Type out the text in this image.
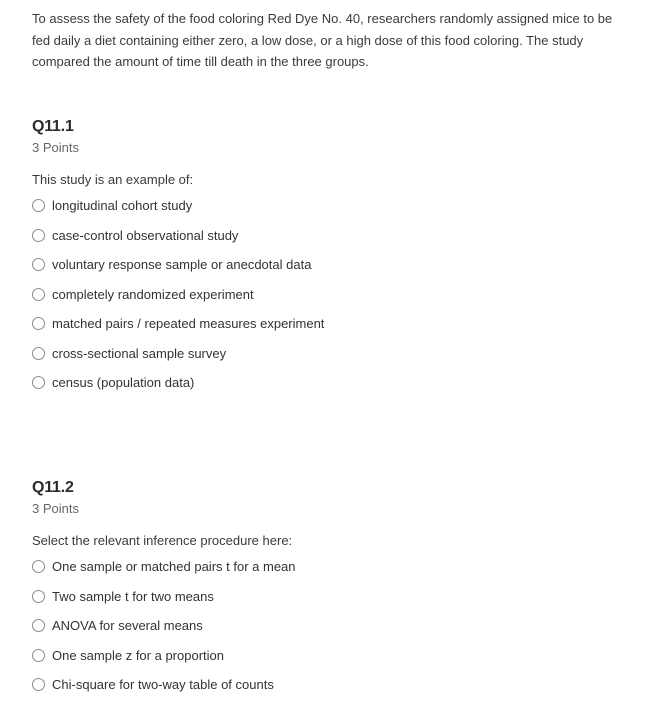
To assess the safety of the food coloring Red Dye No. 40, researchers randomly assigned mice to be fed daily a diet containing either zero, a low dose, or a high dose of this food coloring. The study compared the amount of time till death in the three groups.

Q11.1
3 Points
This study is an example of:
longitudinal cohort study
case-control observational study
voluntary response sample or anecdotal data
completely randomized experiment
matched pairs / repeated measures experiment
cross-sectional sample survey
census (population data)
Q11.2
3 Points
Select the relevant inference procedure here:
One sample or matched pairs t for a mean
Two sample t for two means
ANOVA for several means
One sample z for a proportion
Chi-square for two-way table of counts
